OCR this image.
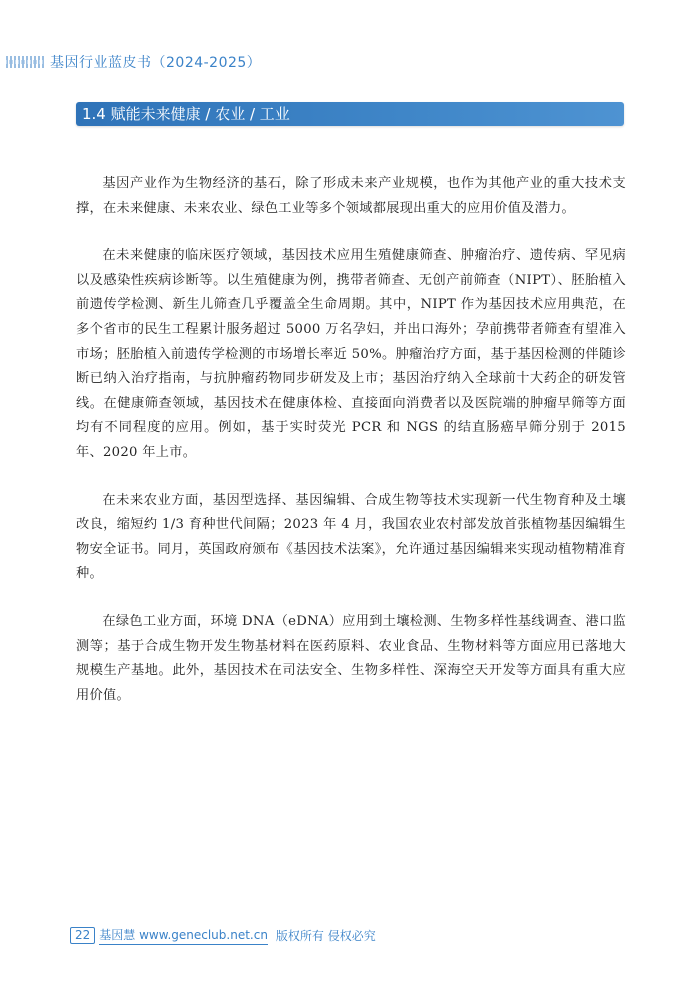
基因行业蓝皮书（2024-2025）
1.4 赋能未来健康 / 农业 / 工业

基因产业作为生物经济的基石，除了形成未来产业规模，也作为其他产业的重大技术支撑，在未来健康、未来农业、绿色工业等多个领域都展现出重大的应用价值及潜力。

在未来健康的临床医疗领域，基因技术应用生殖健康筛查、肿瘤治疗、遗传病、罕见病以及感染性疾病诊断等。以生殖健康为例，携带者筛查、无创产前筛查（NIPT）、胚胎植入前遗传学检测、新生儿筛查几乎覆盖全生命周期。其中，NIPT 作为基因技术应用典范，在多个省市的民生工程累计服务超过 5000 万名孕妇，并出口海外；孕前携带者筛查有望准入市场；胚胎植入前遗传学检测的市场增长率近 50%。肿瘤治疗方面，基于基因检测的伴随诊断已纳入治疗指南，与抗肿瘤药物同步研发及上市；基因治疗纳入全球前十大药企的研发管线。在健康筛查领域，基因技术在健康体检、直接面向消费者以及医院端的肿瘤早筛等方面均有不同程度的应用。例如，基于实时荧光 PCR 和 NGS 的结直肠癌早筛分别于 2015 年、2020 年上市。

在未来农业方面，基因型选择、基因编辑、合成生物等技术实现新一代生物育种及土壤改良，缩短约 1/3 育种世代间隔；2023 年 4 月，我国农业农村部发放首张植物基因编辑生物安全证书。同月，英国政府颁布《基因技术法案》，允许通过基因编辑来实现动植物精准育种。

在绿色工业方面，环境 DNA（eDNA）应用到土壤检测、生物多样性基线调查、港口监测等；基于合成生物开发生物基材料在医药原料、农业食品、生物材料等方面应用已落地大规模生产基地。此外，基因技术在司法安全、生物多样性、深海空天开发等方面具有重大应用价值。

22 基因慧 www.geneclub.net.cn 版权所有 侵权必究
